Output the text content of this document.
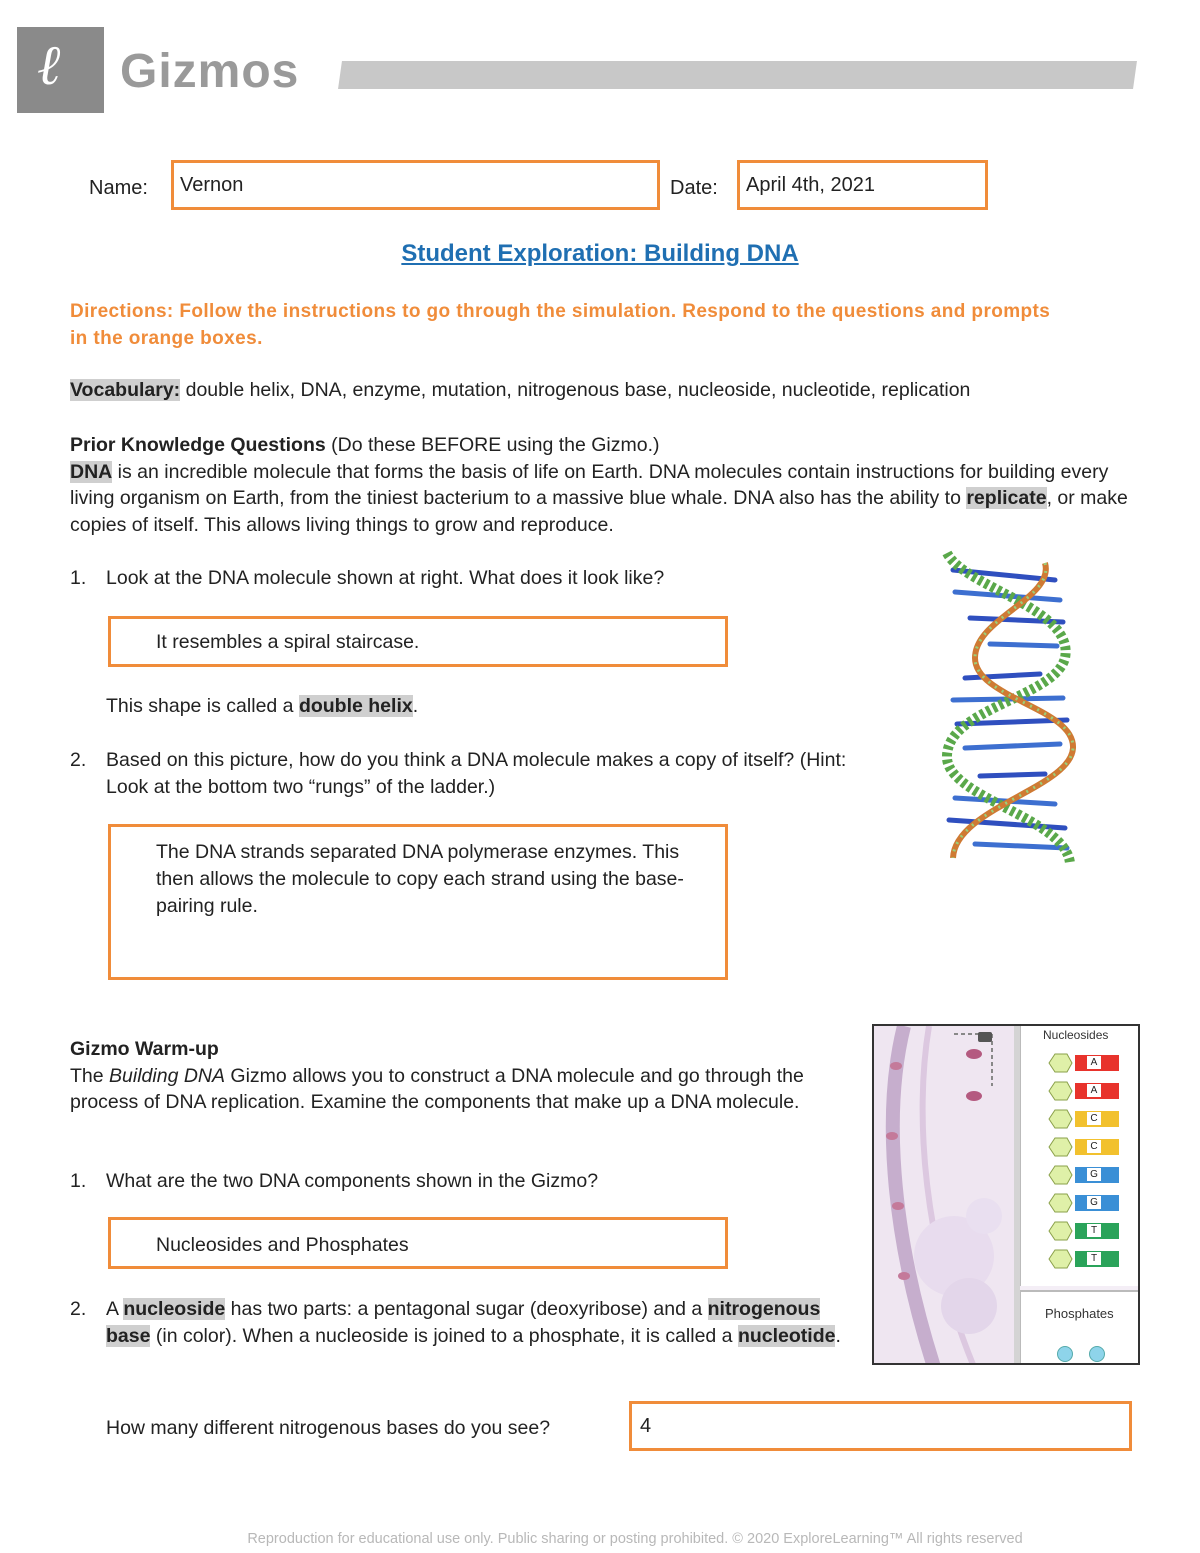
ℓ Gizmos
Name:	Vernon	Date:	April 4th, 2021
Student Exploration: Building DNA
Directions: Follow the instructions to go through the simulation. Respond to the questions and prompts in the orange boxes.
Vocabulary: double helix, DNA, enzyme, mutation, nitrogenous base, nucleoside, nucleotide, replication
Prior Knowledge Questions (Do these BEFORE using the Gizmo.)
DNA is an incredible molecule that forms the basis of life on Earth. DNA molecules contain instructions for building every living organism on Earth, from the tiniest bacterium to a massive blue whale. DNA also has the ability to replicate, or make copies of itself. This allows living things to grow and reproduce.
1. Look at the DNA molecule shown at right. What does it look like?
It resembles a spiral staircase.
This shape is called a double helix.
2. Based on this picture, how do you think a DNA molecule makes a copy of itself? (Hint: Look at the bottom two “rungs” of the ladder.)
The DNA strands separated DNA polymerase enzymes. This then allows the molecule to copy each strand using the base-pairing rule.
Gizmo Warm-up
The Building DNA Gizmo allows you to construct a DNA molecule and go through the process of DNA replication. Examine the components that make up a DNA molecule.
1. What are the two DNA components shown in the Gizmo?
Nucleosides and Phosphates
2. A nucleoside has two parts: a pentagonal sugar (deoxyribose) and a nitrogenous base (in color). When a nucleoside is joined to a phosphate, it is called a nucleotide.
How many different nitrogenous bases do you see?	4
Nucleosides
A
A
C
C
G
G
T
T
Phosphates
Reproduction for educational use only. Public sharing or posting prohibited. © 2020 ExploreLearning™ All rights reserved
